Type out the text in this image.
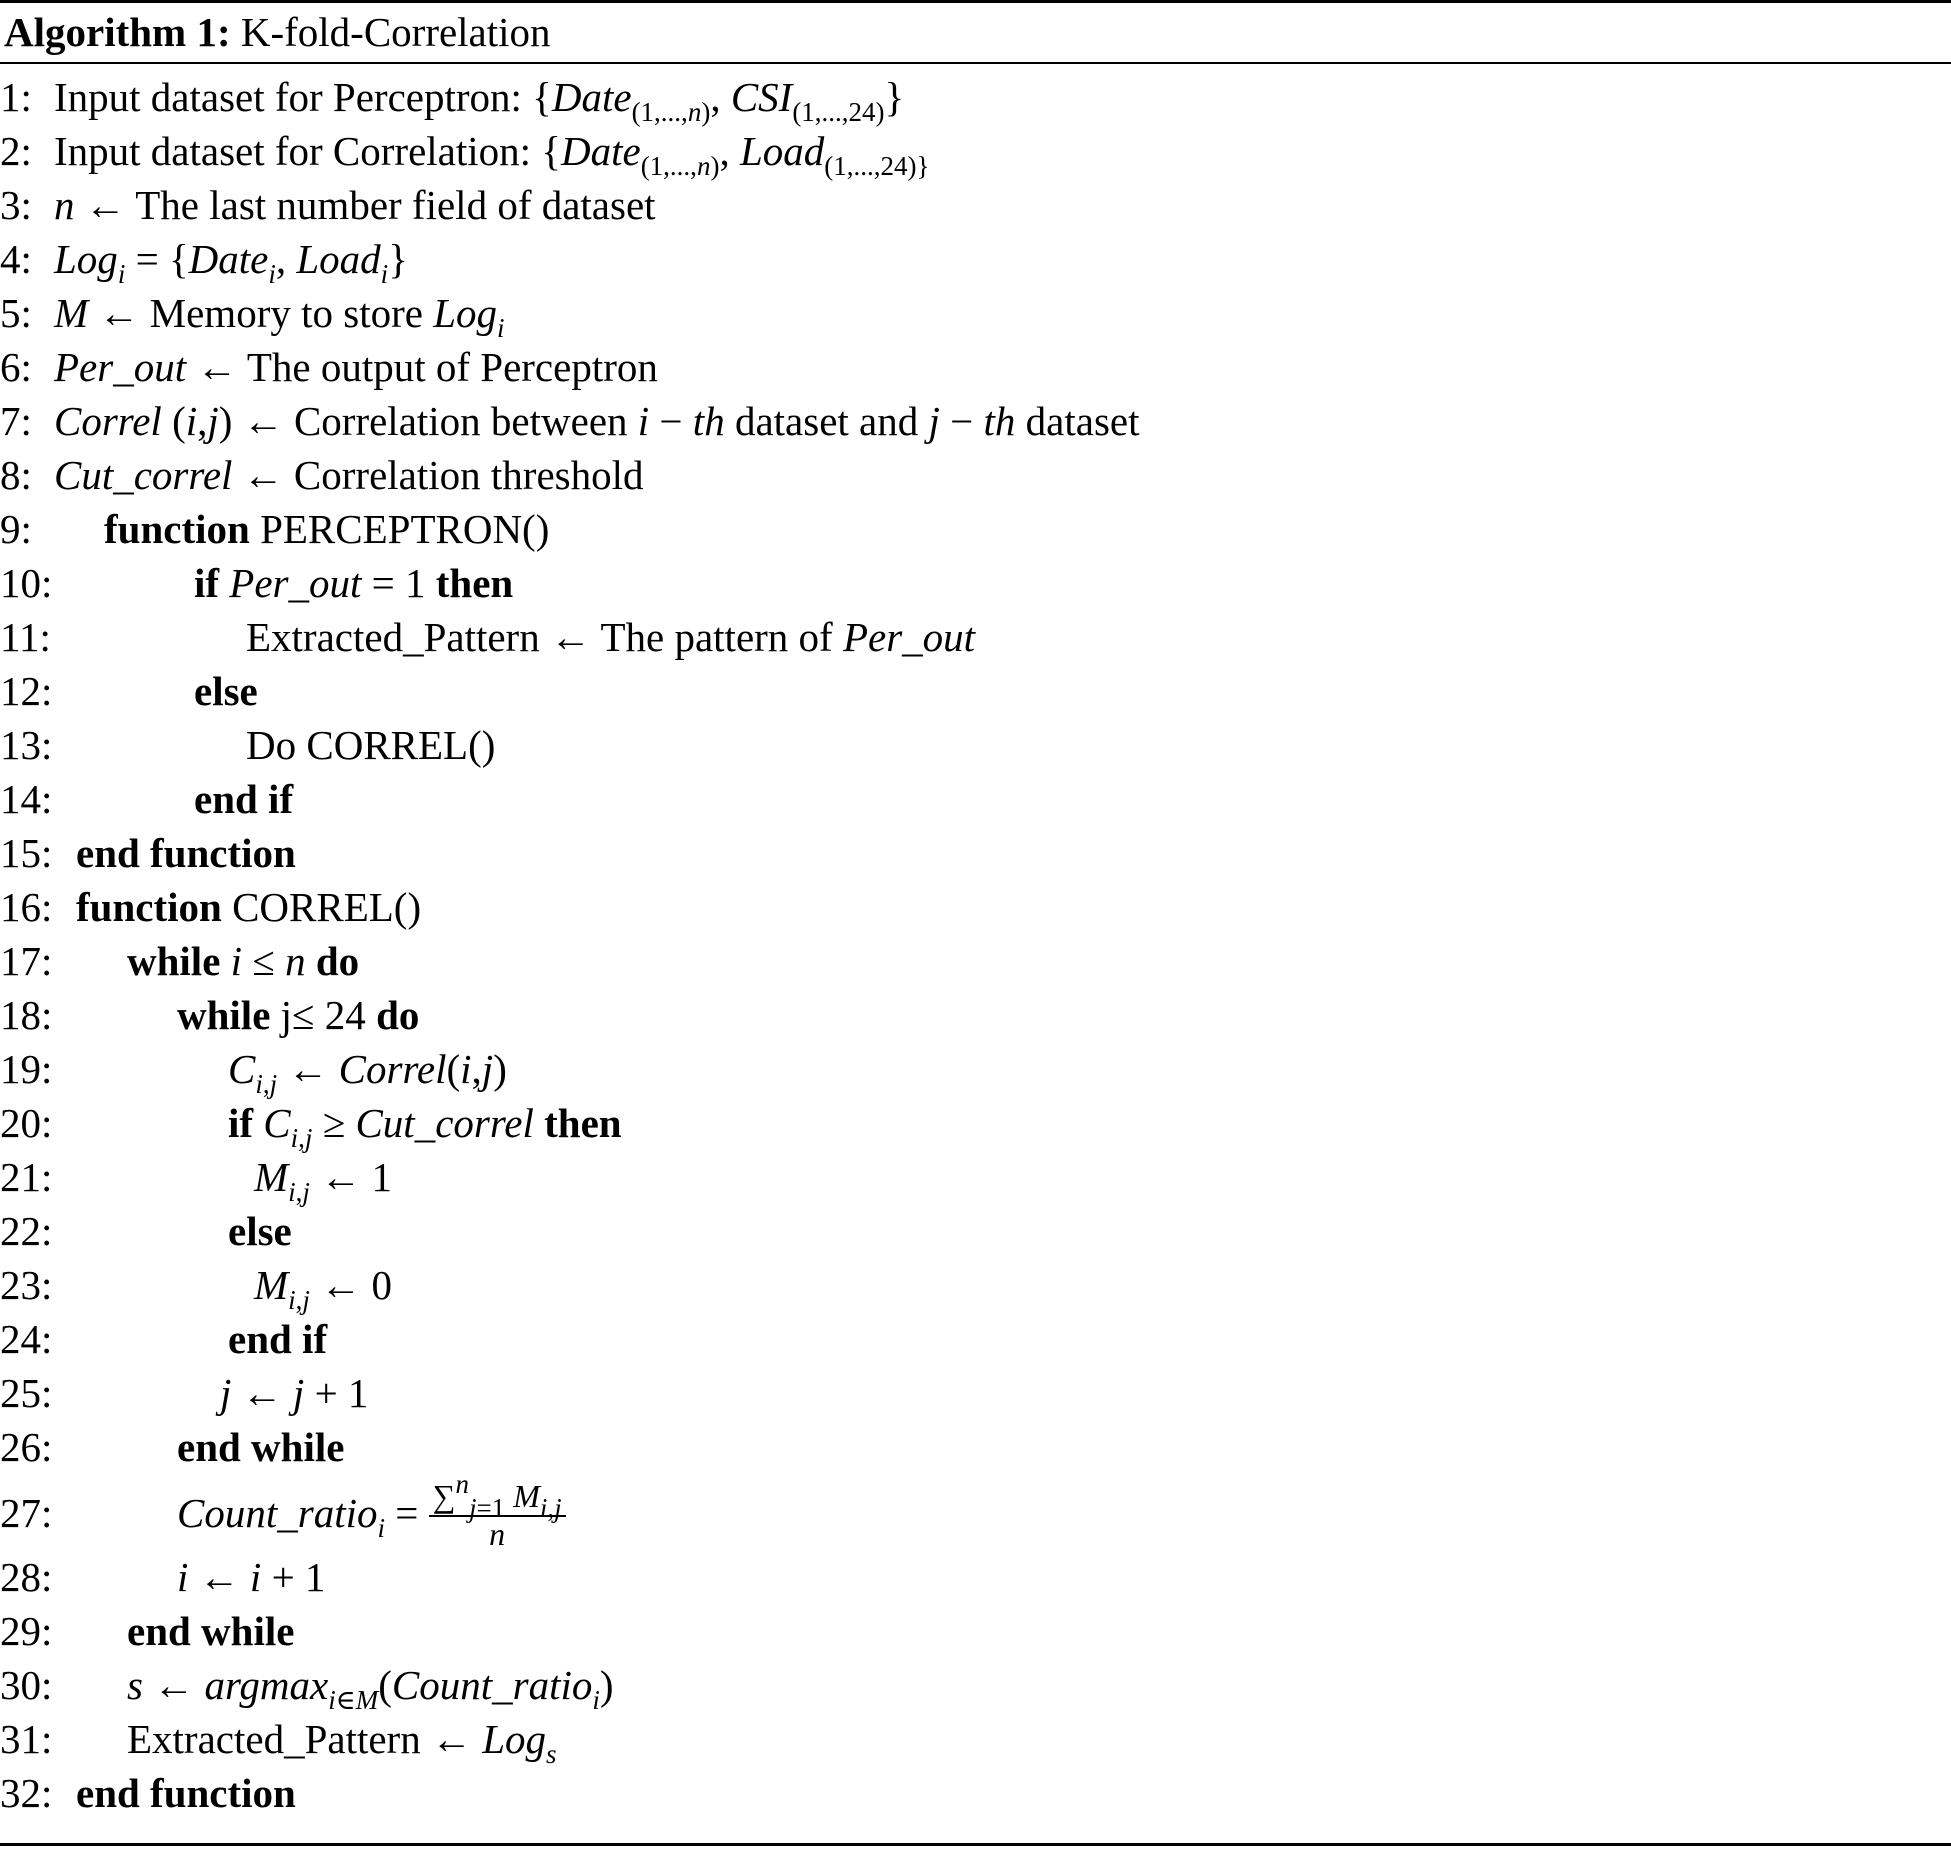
Algorithm 1: K-fold-Correlation
1: Input dataset for Perceptron: {Date$_{(1,...,n)}$, $CSI_{(1,...,24)}$}
2: Input dataset for Correlation: {Date$_{(1,...,n)}$, Load$_{(1,...,24)\}}$
3: n ← The last number field of dataset
4: Log$_i$ = {Date$_i$, Load$_i$}
5: M ← Memory to store Log$_i$
6: Per_out ← The output of Perceptron
7: Correl (i,j) ← Correlation between i − th dataset and j − th dataset
8: Cut_correl ← Correlation threshold
9: function PERCEPTRON()
10:	if Per_out = 1 then
11:	Extracted_Pattern ← The pattern of Per_out
12:	else
13:	Do CORREL()
14:	end if
15: end function
16: function CORREL()
17: while i ≤ n do
18:	while j≤ 24 do
19:	$C_{i,j}$ ← Correl(i,j)
20:	if $C_{i,j}$ ≥ Cut_correl then
21:	$M_{i,j}$ ← 1
22:	else
23:	$M_{i,j}$ ← 0
24:	end if
25:	j ← j + 1
26:	end while
27:	Count_ratio$_i$ = $\frac{\sum^n_{j=1} M_{i,j}}{n}$
28:	i ← i + 1
29: end while
30: s ← argmax$_{i\in M}$(Count_ratio$_i$)
31: Extracted_Pattern ← Log$_s$
32: end function
